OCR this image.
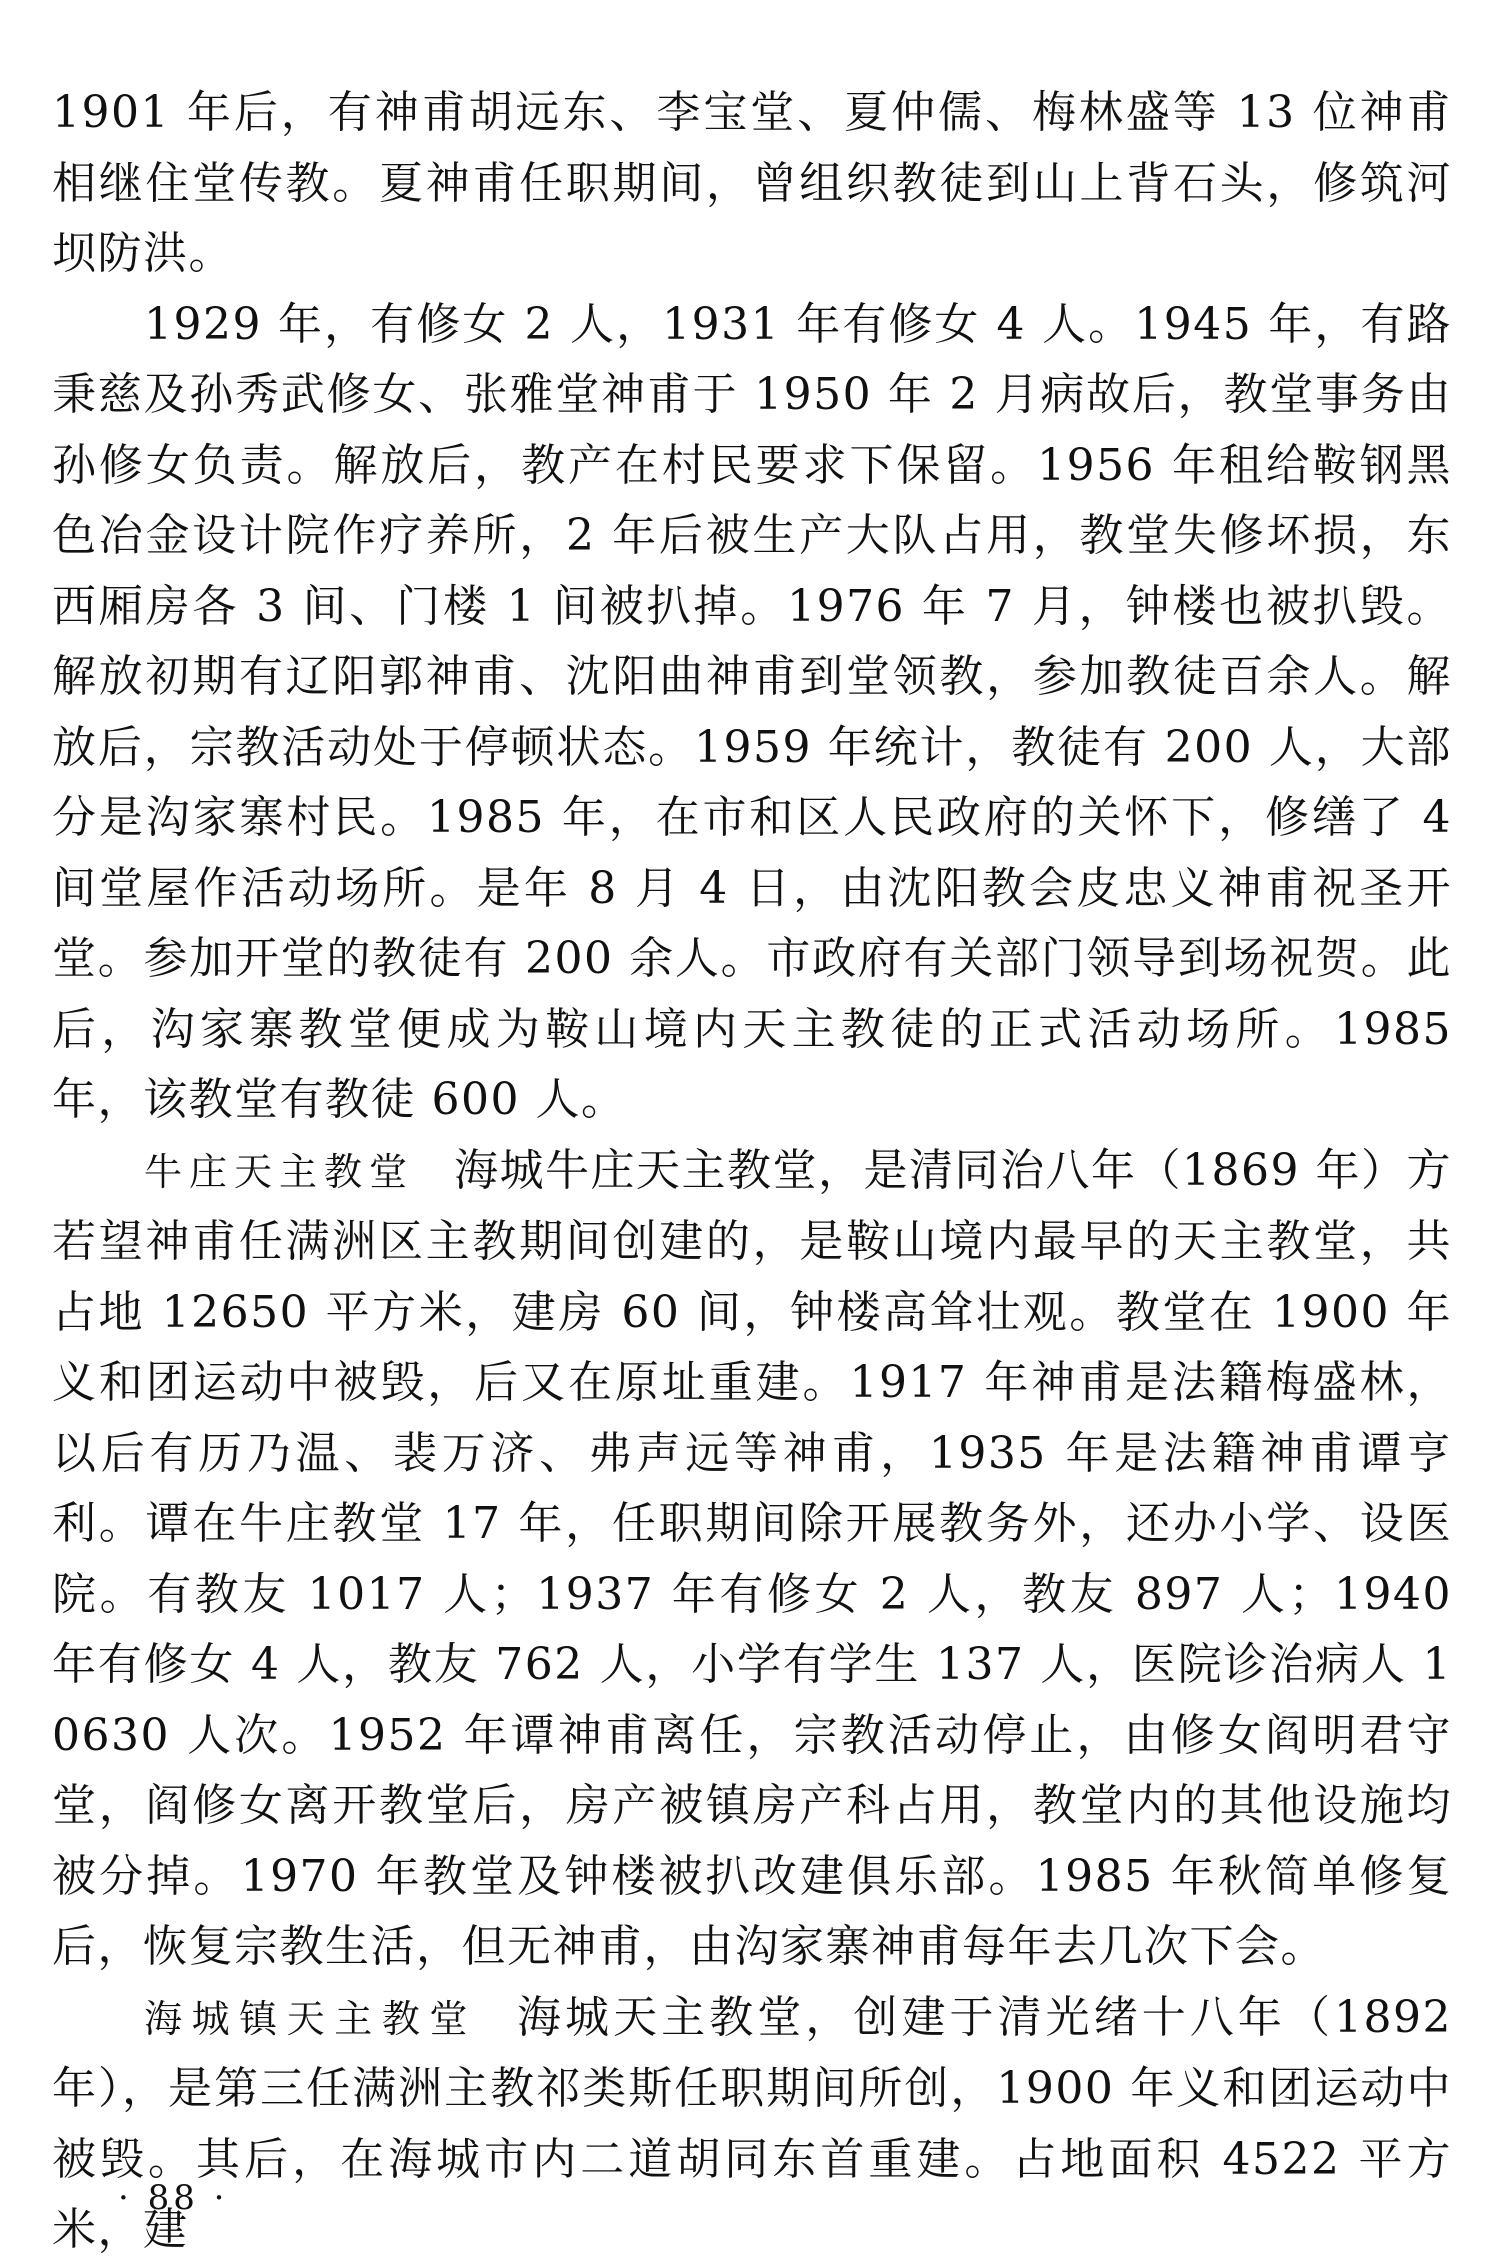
1901 年后，有神甫胡远东、李宝堂、夏仲儒、梅林盛等 13 位神甫相继住堂传教。夏神甫任职期间，曾组织教徒到山上背石头，修筑河坝防洪。

1929 年，有修女 2 人，1931 年有修女 4 人。1945 年，有路秉慈及孙秀武修女、张雅堂神甫于 1950 年 2 月病故后，教堂事务由孙修女负责。解放后，教产在村民要求下保留。1956 年租给鞍钢黑色冶金设计院作疗养所，2 年后被生产大队占用，教堂失修坏损，东西厢房各 3 间、门楼 1 间被扒掉。1976 年 7 月，钟楼也被扒毁。解放初期有辽阳郭神甫、沈阳曲神甫到堂领教，参加教徒百余人。解放后，宗教活动处于停顿状态。1959 年统计，教徒有 200 人，大部分是沟家寨村民。1985 年，在市和区人民政府的关怀下，修缮了 4 间堂屋作活动场所。是年 8 月 4 日，由沈阳教会皮忠义神甫祝圣开堂。参加开堂的教徒有 200 余人。市政府有关部门领导到场祝贺。此后，沟家寨教堂便成为鞍山境内天主教徒的正式活动场所。1985 年，该教堂有教徒 600 人。

牛庄天主教堂 海城牛庄天主教堂，是清同治八年（1869 年）方若望神甫任满洲区主教期间创建的，是鞍山境内最早的天主教堂，共占地 12650 平方米，建房 60 间，钟楼高耸壮观。教堂在 1900 年义和团运动中被毁，后又在原址重建。1917 年神甫是法籍梅盛林，以后有历乃温、裴万济、弗声远等神甫，1935 年是法籍神甫谭亨利。谭在牛庄教堂 17 年，任职期间除开展教务外，还办小学、设医院。有教友 1017 人；1937 年有修女 2 人，教友 897 人；1940 年有修女 4 人，教友 762 人，小学有学生 137 人，医院诊治病人 10630 人次。1952 年谭神甫离任，宗教活动停止，由修女阎明君守堂，阎修女离开教堂后，房产被镇房产科占用，教堂内的其他设施均被分掉。1970 年教堂及钟楼被扒改建俱乐部。1985 年秋简单修复后，恢复宗教生活，但无神甫，由沟家寨神甫每年去几次下会。

海城镇天主教堂 海城天主教堂，创建于清光绪十八年（1892 年），是第三任满洲主教祁类斯任职期间所创，1900 年义和团运动中被毁。其后，在海城市内二道胡同东首重建。占地面积 4522 平方米，建

· 88 ·
